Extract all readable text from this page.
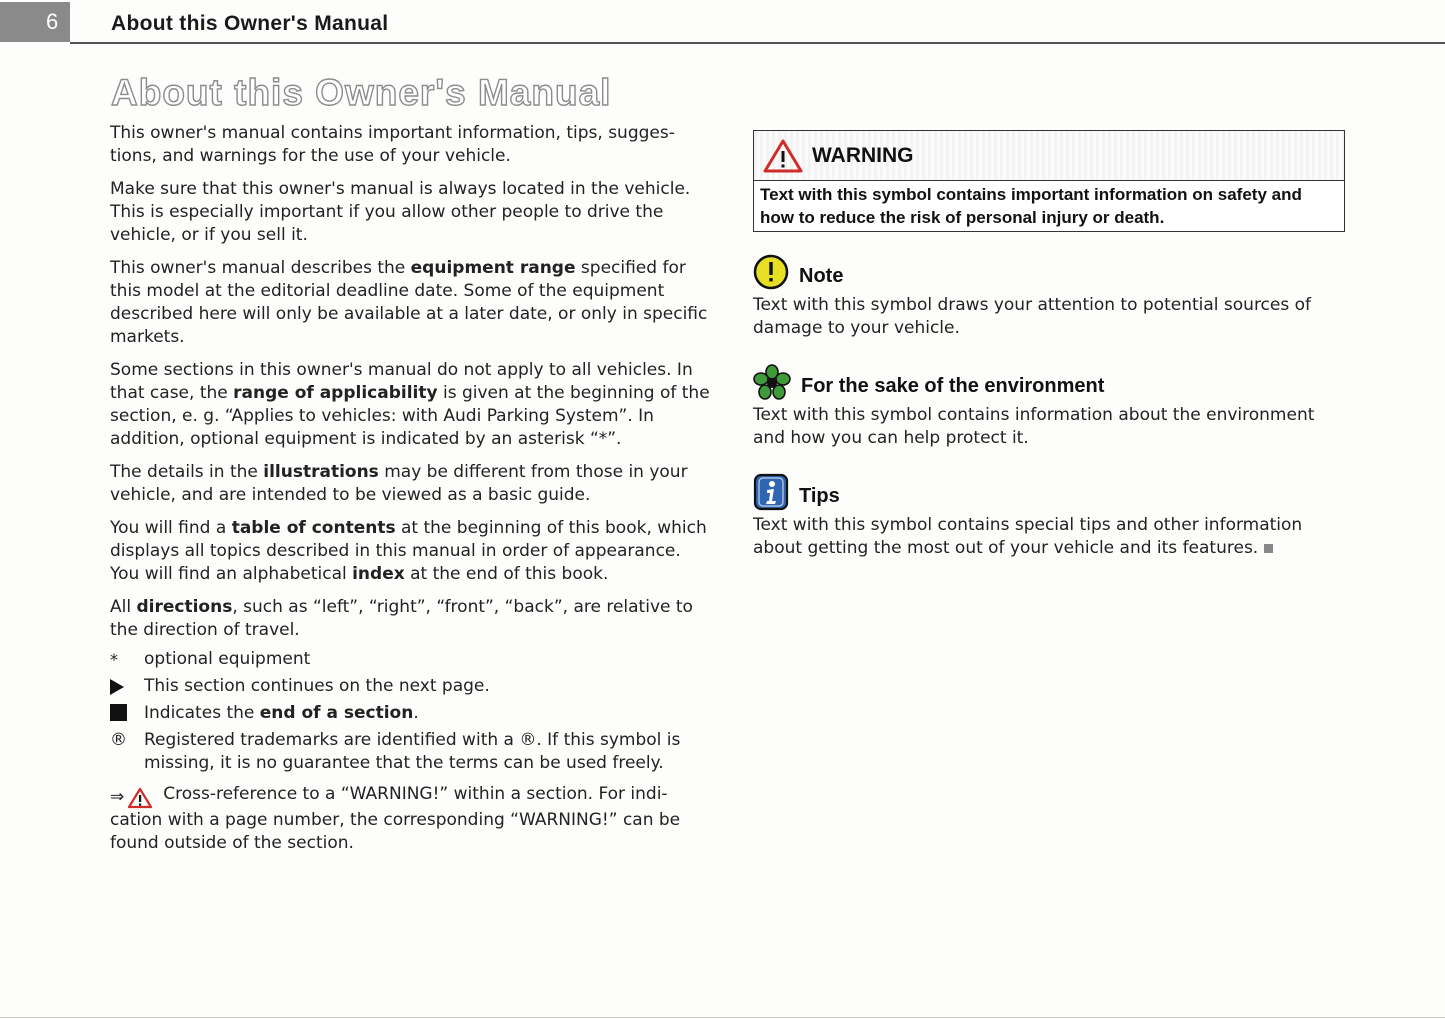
6	About this Owner's Manual
About this Owner's Manual

This owner's manual contains important information, tips, sugges-tions, and warnings for the use of your vehicle.

Make sure that this owner's manual is always located in the vehicle. This is especially important if you allow other people to drive the vehicle, or if you sell it.

This owner's manual describes the equipment range specified for this model at the editorial deadline date. Some of the equipment described here will only be available at a later date, or only in specific markets.

Some sections in this owner's manual do not apply to all vehicles. In that case, the range of applicability is given at the beginning of the section, e. g. “Applies to vehicles: with Audi Parking System”. In addition, optional equipment is indicated by an asterisk “*”.

The details in the illustrations may be different from those in your vehicle, and are intended to be viewed as a basic guide.

You will find a table of contents at the beginning of this book, which displays all topics described in this manual in order of appearance. You will find an alphabetical index at the end of this book.

All directions, such as “left”, “right”, “front”, “back”, are relative to the direction of travel.

*	optional equipment
This section continues on the next page.
Indicates the end of a section.
®	Registered trademarks are identified with a ®. If this symbol is missing, it is no guarantee that the terms can be used freely.
⇒ Cross-reference to a “WARNING!” within a section. For indi-cation with a page number, the corresponding “WARNING!” can be found outside of the section.
WARNING
Text with this symbol contains important information on safety and how to reduce the risk of personal injury or death.
Note
Text with this symbol draws your attention to potential sources of damage to your vehicle.
For the sake of the environment
Text with this symbol contains information about the environment and how you can help protect it.
Tips
Text with this symbol contains special tips and other information about getting the most out of your vehicle and its features.
